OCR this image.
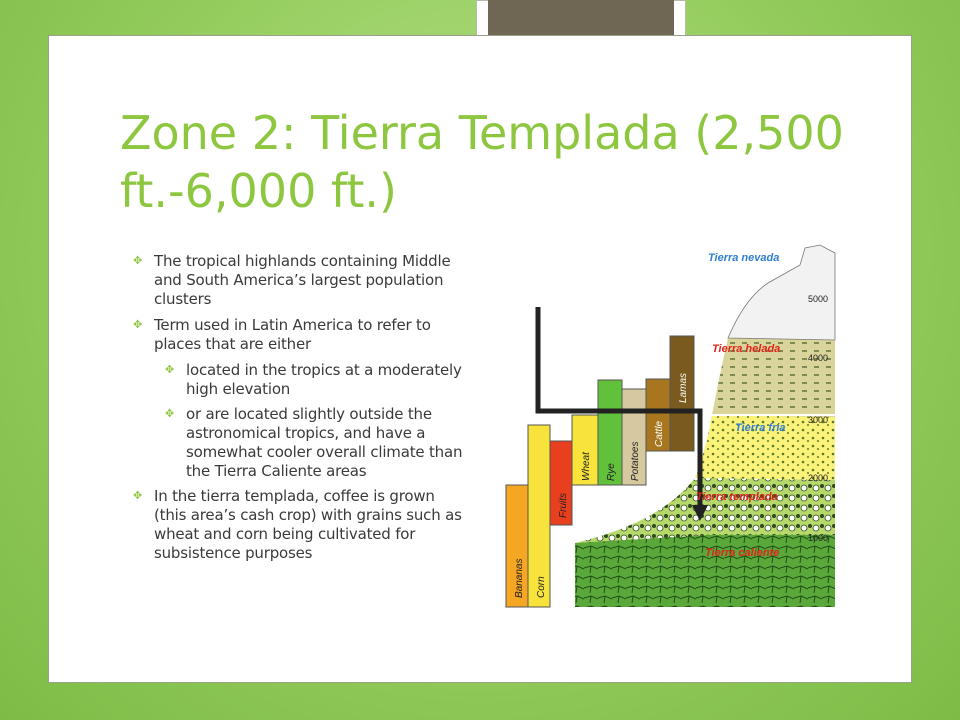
Zone 2: Tierra Templada (2,500 ft.-6,000 ft.)
✥ The tropical highlands containing Middle and South America’s largest population clusters
✥ Term used in Latin America to refer to places that are either
✥ located in the tropics at a moderately high elevation
✥ or are located slightly outside the astronomical tropics, and have a somewhat cooler overall climate than the Tierra Caliente areas
✥ In the tierra templada, coffee is grown (this area’s cash crop) with grains such as wheat and corn being cultivated for subsistence purposes
Bananas Corn
Fruits
Wheat Rye Potatoes
Cattle
Lamas
Tierra nevada
Tierra helada
Tierra fria
Tierra templada
Tierra caliente
5000
4000
3000
2000
1000
